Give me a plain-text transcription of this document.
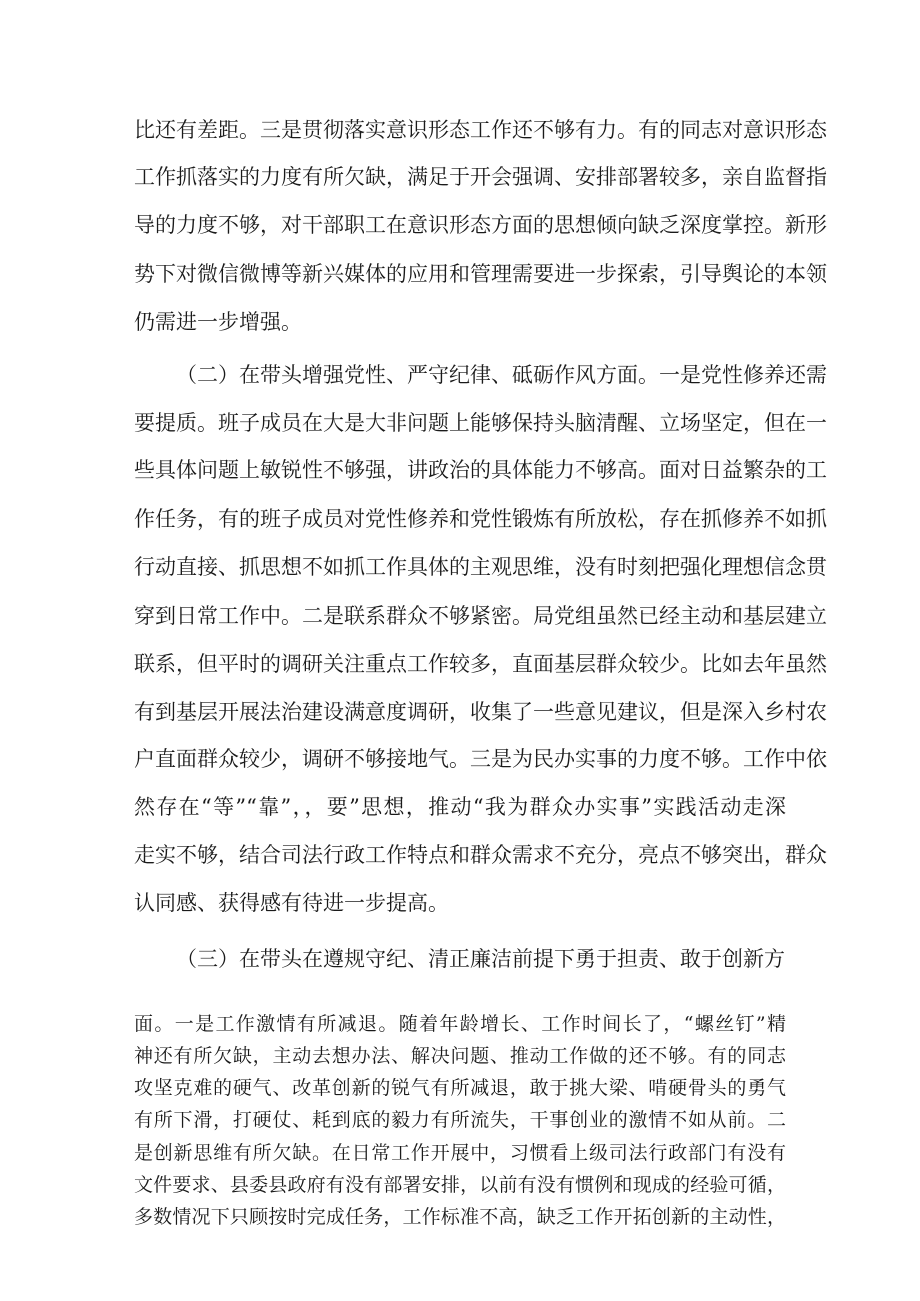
比还有差距。三是贯彻落实意识形态工作还不够有力。有的同志对意识形态

工作抓落实的力度有所欠缺，满足于开会强调、安排部署较多，亲自监督指

导的力度不够，对干部职工在意识形态方面的思想倾向缺乏深度掌控。新形

势下对微信微博等新兴媒体的应用和管理需要进一步探索，引导舆论的本领

仍需进一步增强。

（二）在带头增强党性、严守纪律、砥砺作风方面。一是党性修养还需

要提质。班子成员在大是大非问题上能够保持头脑清醒、立场坚定，但在一

些具体问题上敏锐性不够强，讲政治的具体能力不够高。面对日益繁杂的工

作任务，有的班子成员对党性修养和党性锻炼有所放松，存在抓修养不如抓

行动直接、抓思想不如抓工作具体的主观思维，没有时刻把强化理想信念贯

穿到日常工作中。二是联系群众不够紧密。局党组虽然已经主动和基层建立

联系，但平时的调研关注重点工作较多，直面基层群众较少。比如去年虽然

有到基层开展法治建设满意度调研，收集了一些意见建议，但是深入乡村农

户直面群众较少，调研不够接地气。三是为民办实事的力度不够。工作中依

然存在“等”“靠”，，要”思想，推动“我为群众办实事”实践活动走深

走实不够，结合司法行政工作特点和群众需求不充分，亮点不够突出，群众

认同感、获得感有待进一步提高。

（三）在带头在遵规守纪、清正廉洁前提下勇于担责、敢于创新方

面。一是工作激情有所减退。随着年龄增长、工作时间长了，“螺丝钉”精

神还有所欠缺，主动去想办法、解决问题、推动工作做的还不够。有的同志

攻坚克难的硬气、改革创新的锐气有所减退，敢于挑大梁、啃硬骨头的勇气

有所下滑，打硬仗、耗到底的毅力有所流失，干事创业的激情不如从前。二

是创新思维有所欠缺。在日常工作开展中，习惯看上级司法行政部门有没有

文件要求、县委县政府有没有部署安排，以前有没有惯例和现成的经验可循，

多数情况下只顾按时完成任务，工作标准不高，缺乏工作开拓创新的主动性，
